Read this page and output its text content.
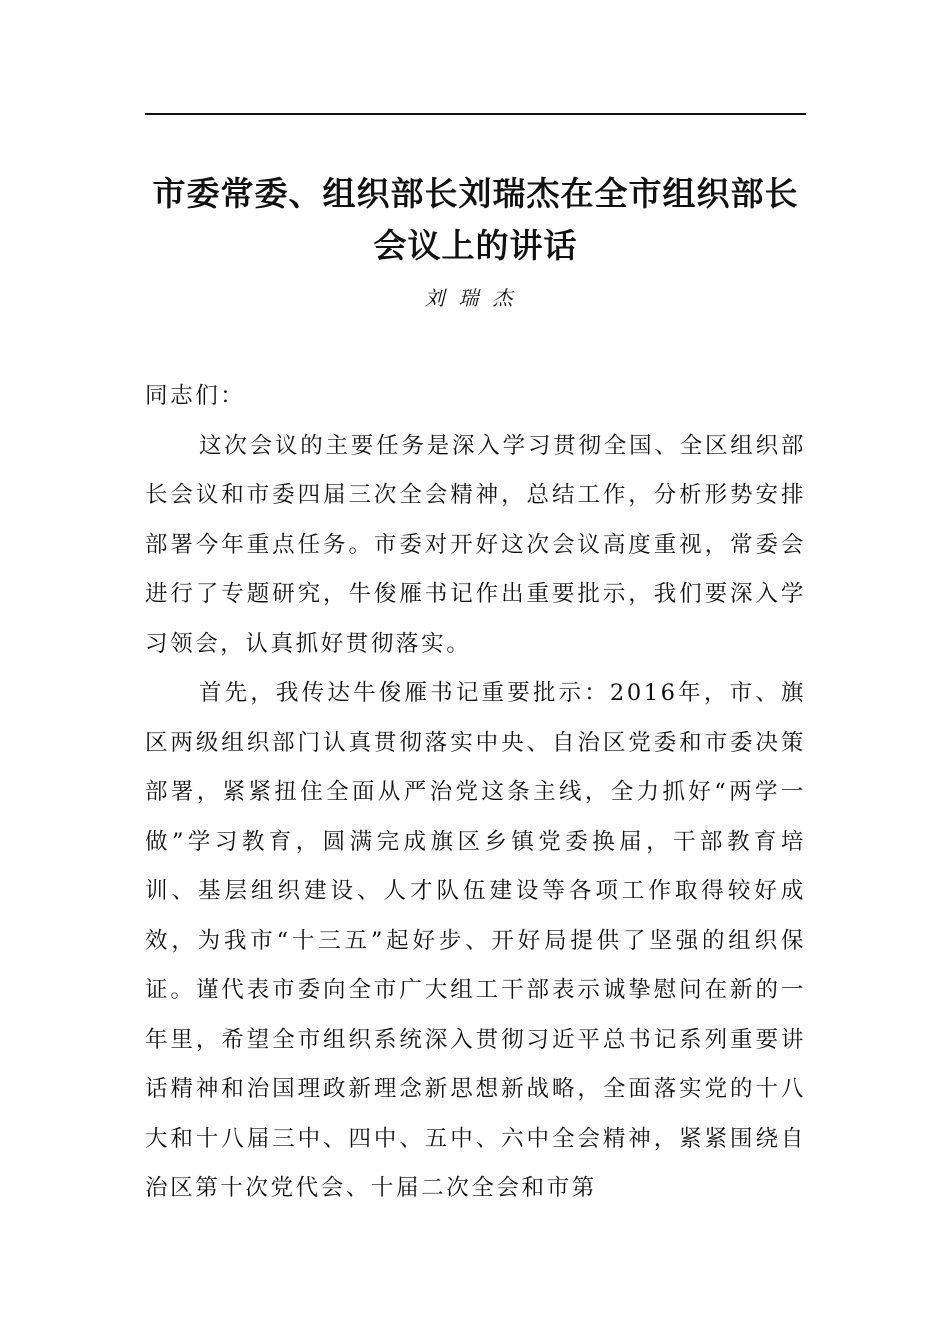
市委常委、组织部长刘瑞杰在全市组织部长会议上的讲话
刘瑞杰

同志们：

这次会议的主要任务是深入学习贯彻全国、全区组织部长会议和市委四届三次全会精神，总结工作，分析形势安排部署今年重点任务。市委对开好这次会议高度重视，常委会进行了专题研究，牛俊雁书记作出重要批示，我们要深入学习领会，认真抓好贯彻落实。

首先，我传达牛俊雁书记重要批示：2016年，市、旗区两级组织部门认真贯彻落实中央、自治区党委和市委决策部署，紧紧扭住全面从严治党这条主线，全力抓好“两学一做”学习教育，圆满完成旗区乡镇党委换届，干部教育培训、基层组织建设、人才队伍建设等各项工作取得较好成效，为我市“十三五”起好步、开好局提供了坚强的组织保证。谨代表市委向全市广大组工干部表示诚挚慰问在新的一年里，希望全市组织系统深入贯彻习近平总书记系列重要讲话精神和治国理政新理念新思想新战略，全面落实党的十八大和十八届三中、四中、五中、六中全会精神，紧紧围绕自治区第十次党代会、十届二次全会和市第
